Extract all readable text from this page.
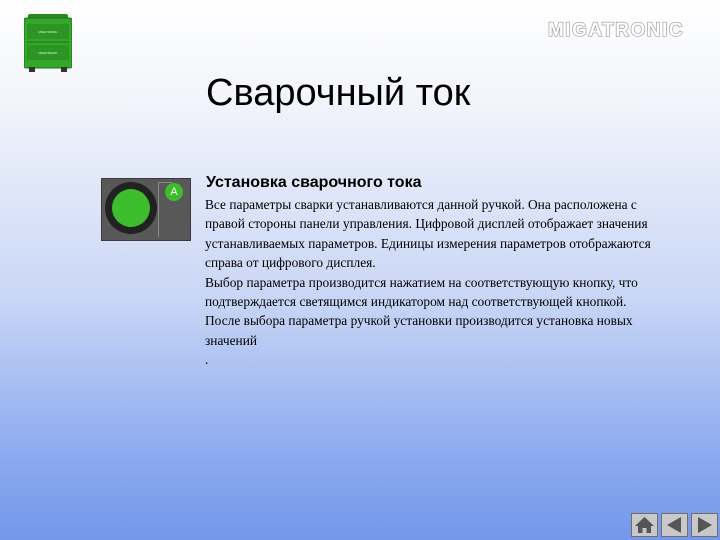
MIGATRONIC
MIGATRONIC
MIGATRONIC
Сварочный ток
A
Установка сварочного тока

Все параметры сварки устанавливаются данной ручкой. Она расположена с правой стороны панели управления. Цифровой дисплей отображает значения устанавливаемых параметров. Единицы измерения параметров отображаются справа от цифрового дисплея.

Выбор параметра производится нажатием на соответствующую кнопку, что подтверждается светящимся индикатором над соответствующей кнопкой. После выбора параметра ручкой установки производится установка новых значений

.
